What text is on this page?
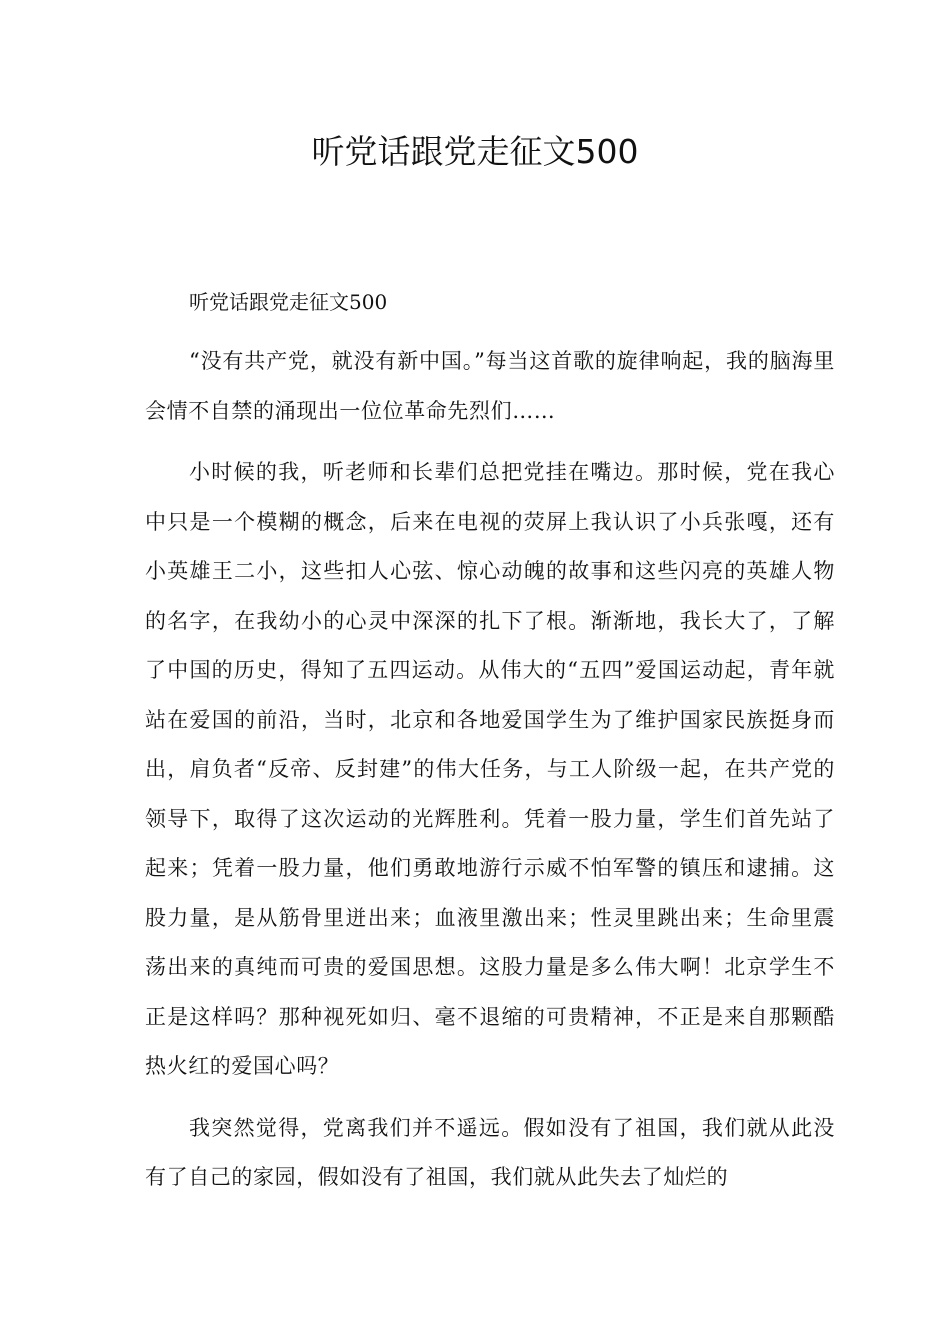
听党话跟党走征文500

听党话跟党走征文500

“没有共产党，就没有新中国。”每当这首歌的旋律响起，我的脑海里会情不自禁的涌现出一位位革命先烈们……

小时候的我，听老师和长辈们总把党挂在嘴边。那时候，党在我心中只是一个模糊的概念，后来在电视的荧屏上我认识了小兵张嘎，还有小英雄王二小，这些扣人心弦、惊心动魄的故事和这些闪亮的英雄人物的名字，在我幼小的心灵中深深的扎下了根。渐渐地，我长大了，了解了中国的历史，得知了五四运动。从伟大的“五四”爱国运动起，青年就站在爱国的前沿，当时，北京和各地爱国学生为了维护国家民族挺身而出，肩负者“反帝、反封建”的伟大任务，与工人阶级一起，在共产党的领导下，取得了这次运动的光辉胜利。凭着一股力量，学生们首先站了起来；凭着一股力量，他们勇敢地游行示威不怕军警的镇压和逮捕。这股力量，是从筋骨里迸出来；血液里激出来；性灵里跳出来；生命里震荡出来的真纯而可贵的爱国思想。这股力量是多么伟大啊！北京学生不正是这样吗？那种视死如归、毫不退缩的可贵精神，不正是来自那颗酷热火红的爱国心吗？

我突然觉得，党离我们并不遥远。假如没有了祖国，我们就从此没有了自己的家园，假如没有了祖国，我们就从此失去了灿烂的
